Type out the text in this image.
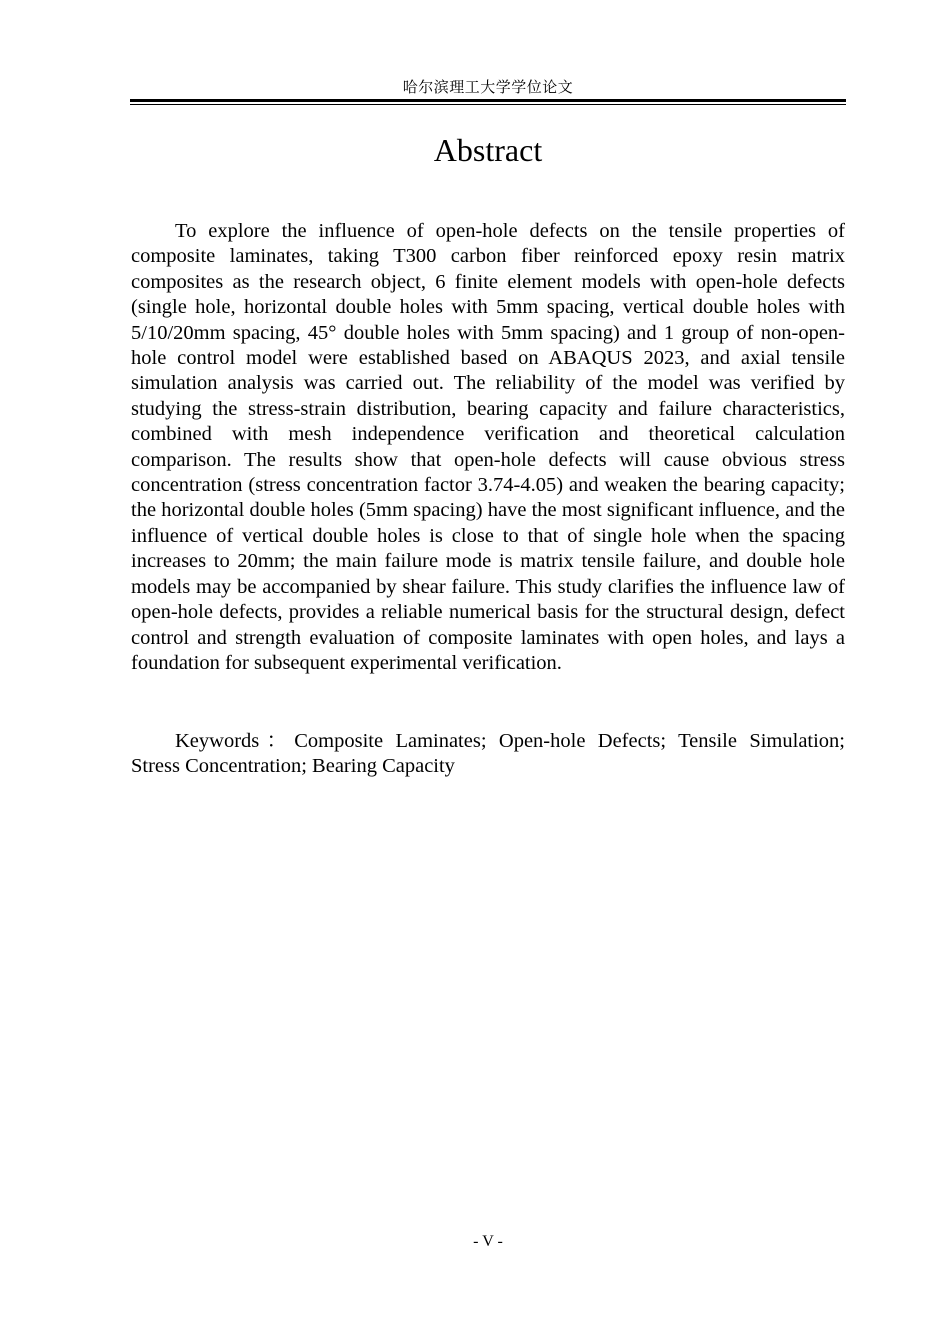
哈尔滨理工大学学位论文
Abstract

To explore the influence of open-hole defects on the tensile properties of composite laminates, taking T300 carbon fiber reinforced epoxy resin matrix composites as the research object, 6 finite element models with open-hole defects (single hole, horizontal double holes with 5mm spacing, vertical double holes with 5/10/20mm spacing, 45° double holes with 5mm spacing) and 1 group of non-open-hole control model were established based on ABAQUS 2023, and axial tensile simulation analysis was carried out. The reliability of the model was verified by studying the stress-strain distribution, bearing capacity and failure characteristics, combined with mesh independence verification and theoretical calculation comparison. The results show that open-hole defects will cause obvious stress concentration (stress concentration factor 3.74-4.05) and weaken the bearing capacity; the horizontal double holes (5mm spacing) have the most significant influence, and the influence of vertical double holes is close to that of single hole when the spacing increases to 20mm; the main failure mode is matrix tensile failure, and double hole models may be accompanied by shear failure. This study clarifies the influence law of open-hole defects, provides a reliable numerical basis for the structural design, defect control and strength evaluation of composite laminates with open holes, and lays a foundation for subsequent experimental verification.

Keywords：Composite Laminates; Open-hole Defects; Tensile Simulation; Stress Concentration; Bearing Capacity

- V -
